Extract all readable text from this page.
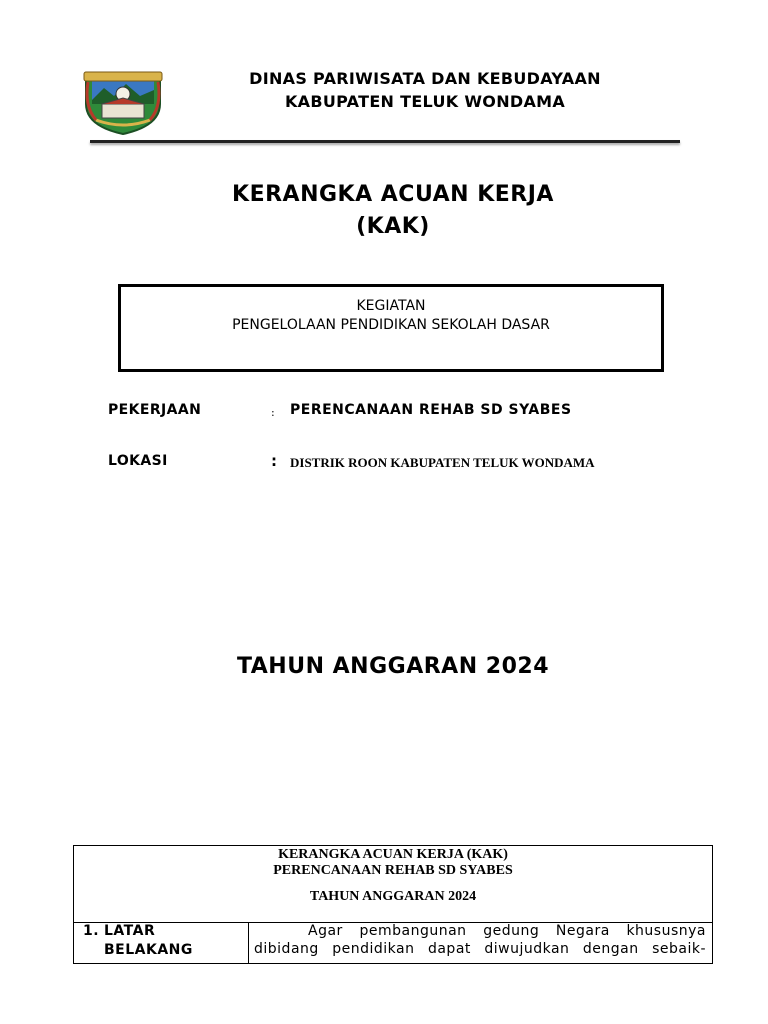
DINAS PARIWISATA DAN KEBUDAYAAN
KABUPATEN TELUK WONDAMA
KERANGKA ACUAN KERJA
(KAK)
KEGIATAN
PENGELOLAAN PENDIDIKAN SEKOLAH DASAR
PEKERJAAN	: PERENCANAAN REHAB SD SYABES
LOKASI	: DISTRIK ROON KABUPATEN TELUK WONDAMA
TAHUN ANGGARAN 2024
KERANGKA ACUAN KERJA (KAK)
PERENCANAAN REHAB SD SYABES
TAHUN ANGGARAN 2024
1. LATAR
BELAKANG
Agar pembangunan gedung Negara khususnya
dibidang pendidikan dapat diwujudkan dengan sebaik-
